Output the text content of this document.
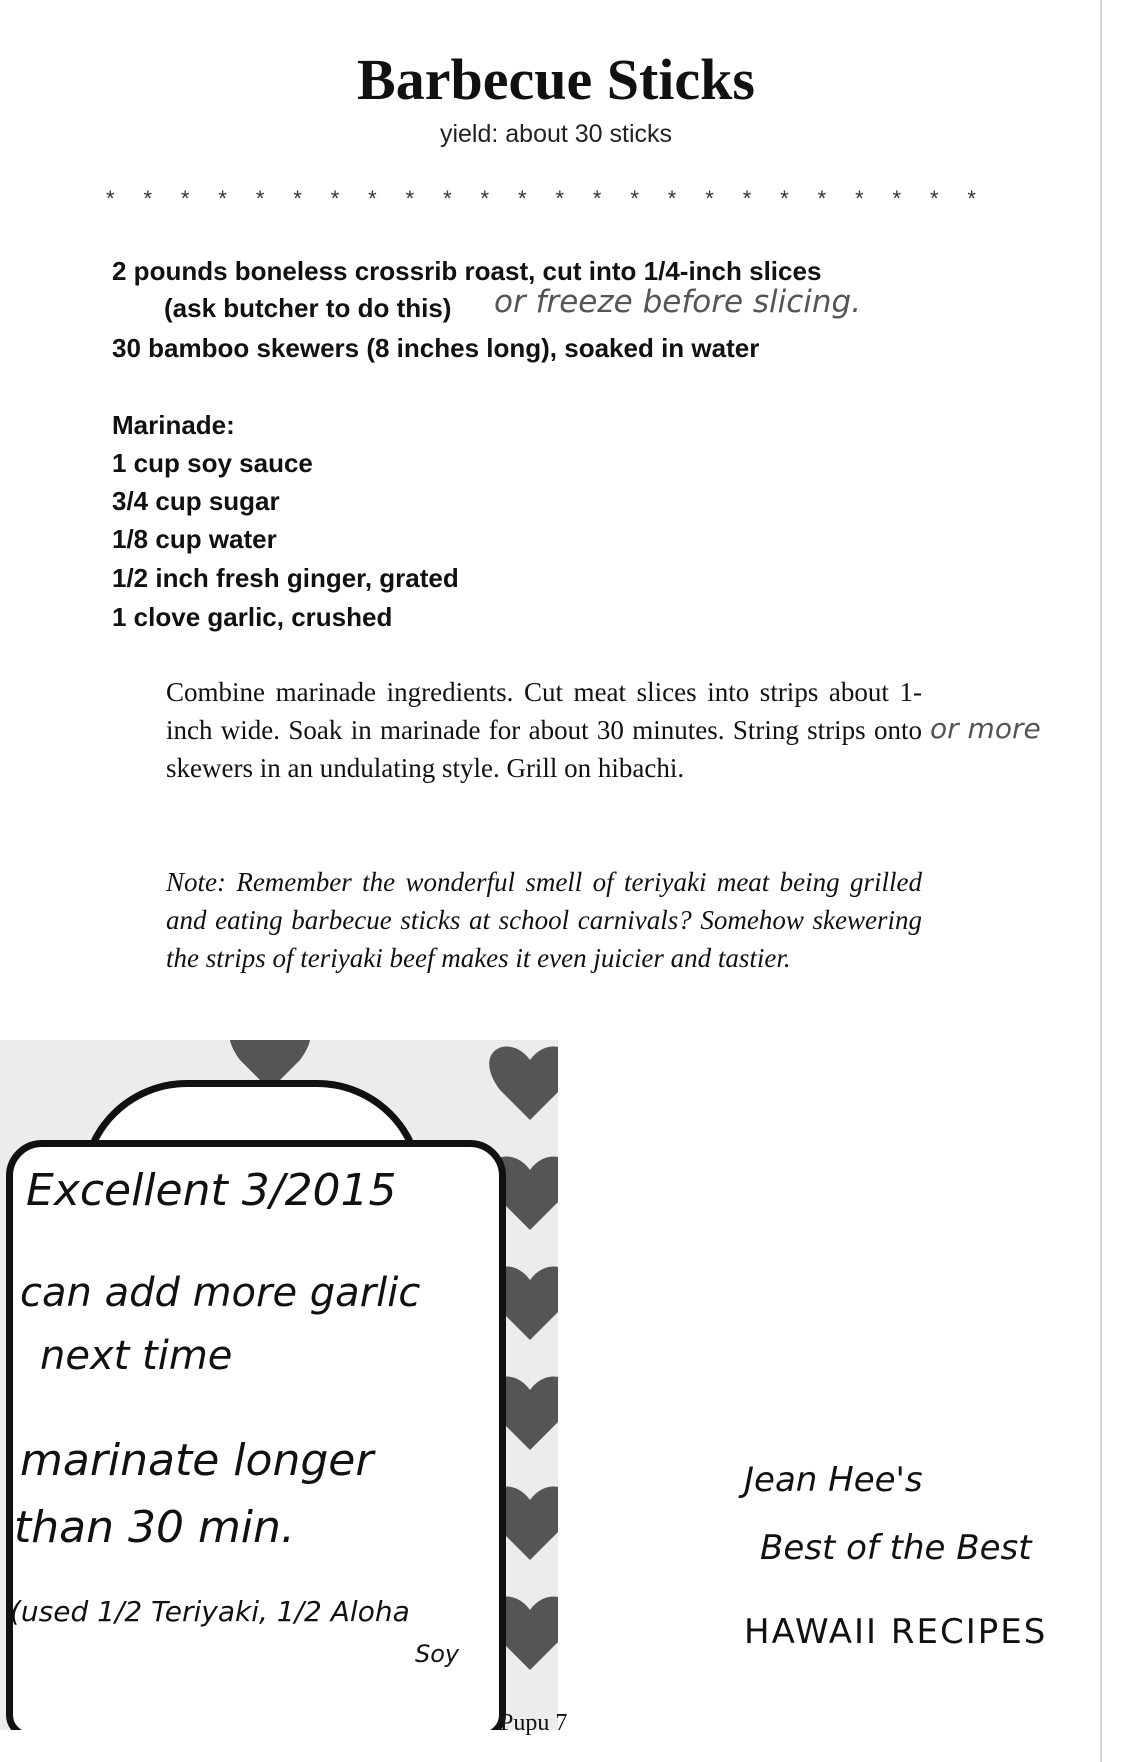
Barbecue Sticks
yield: about 30 sticks
* * * * * * * * * * * * * * * * * * * * * * * *
2 pounds boneless crossrib roast, cut into 1/4-inch slices
(ask butcher to do this) or freeze before slicing.
30 bamboo skewers (8 inches long), soaked in water
Marinade:
1 cup soy sauce
3/4 cup sugar
1/8 cup water
1/2 inch fresh ginger, grated
1 clove garlic, crushed

Combine marinade ingredients. Cut meat slices into strips about 1-inch wide. Soak in marinade for about 30 minutes. String strips onto skewers in an undulating style. Grill on hibachi.

or more

Note: Remember the wonderful smell of teriyaki meat being grilled and eating barbecue sticks at school carnivals? Somehow skewering the strips of teriyaki beef makes it even juicier and tastier.

Excellent 3/2015
can add more garlic
next time
marinate longer
than 30 min.
(used 1/2 Teriyaki, 1/2 Aloha
Soy
Jean Hee's
Best of the Best
HAWAII RECIPES
Pupu 7
